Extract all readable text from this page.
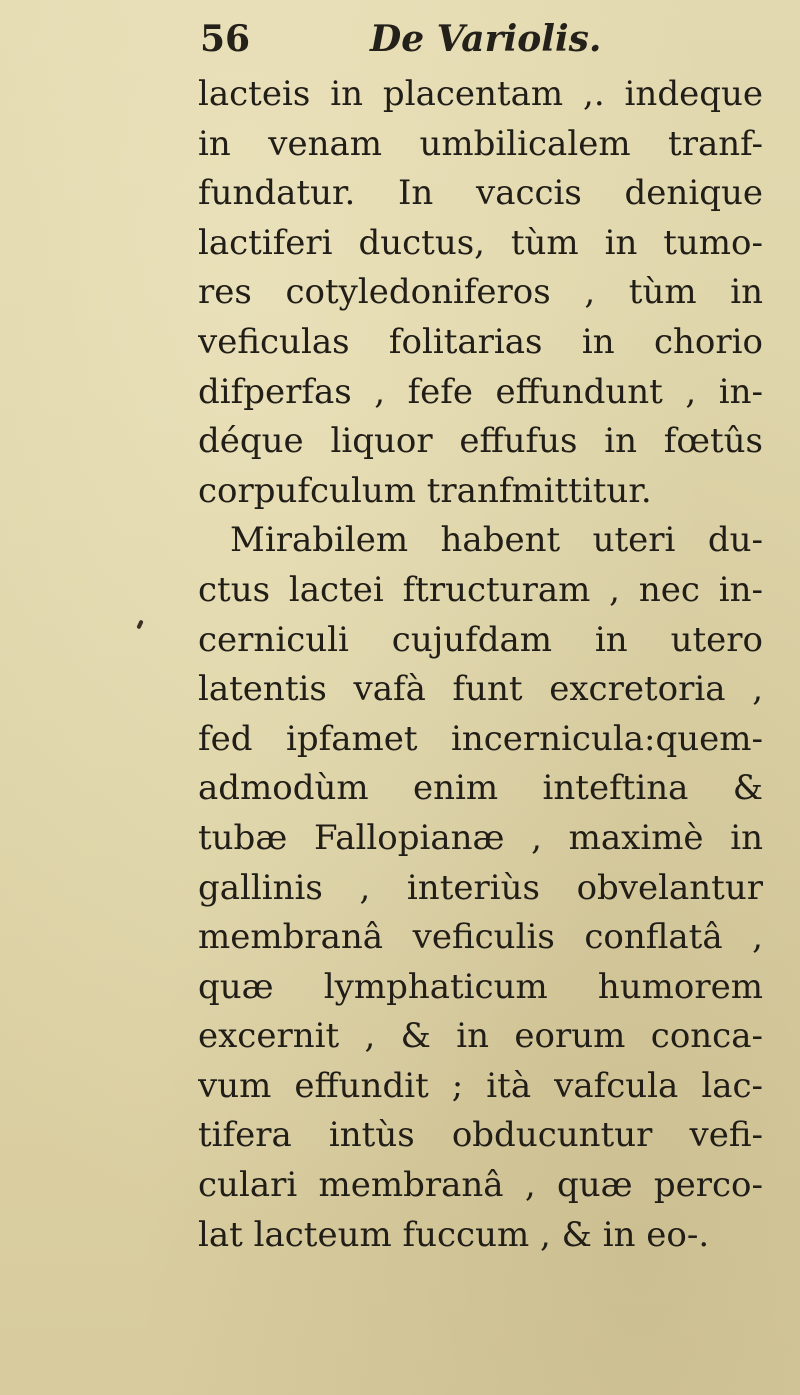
56	De Variolis.
lacteis in placentam ,. indeque
in venam umbilicalem tranf-
fundatur. In vaccis denique
lactiferi ductus, tùm in tumo-
res cotyledoniferos , tùm in
veficulas folitarias in chorio
difperfas , fefe effundunt , in-
déque liquor effufus in fœtûs
corpufculum tranfmittitur.
Mirabilem habent uteri du-
ctus lactei ftructuram , nec in-
cerniculi cujufdam in utero
latentis vafà funt excretoria ,
fed ipfamet incernicula:quem-
admodùm enim inteftina &
tubæ Fallopianæ , maximè in
gallinis , interiùs obvelantur
membranâ veficulis conflatâ ,
quæ lymphaticum humorem
excernit , & in eorum conca-
vum effundit ; ità vafcula lac-
tifera intùs obducuntur vefi-
culari membranâ , quæ perco-
lat lacteum fuccum , & in eo-.
